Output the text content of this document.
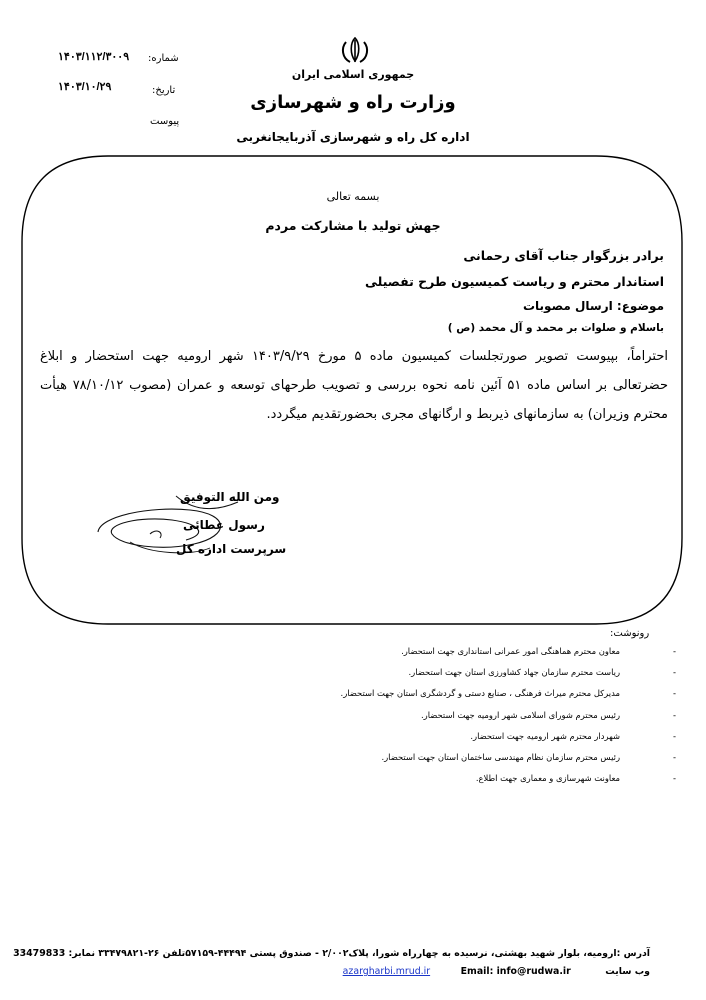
۱۴۰۳/۱۱۲/۳۰۰۹ شماره:
۱۴۰۳/۱۰/۲۹	تاریخ:
پیوست
جمهوری اسلامی ایران
وزارت راه و شهرسازی
اداره کل راه و شهرسازی آذربایجانغربی
بسمه تعالی
جهش تولید با مشارکت مردم
برادر بزرگوار جناب آقای رحمانی
استاندار محترم و ریاست کمیسیون طرح تفصیلی
موضوع: ارسال مصوبات
باسلام و صلوات بر محمد و آل محمد (ص )
احتراماً، بپیوست تصویر صورتجلسات کمیسیون ماده ۵ مورخ ۱۴۰۳/۹/۲۹ شهر ارومیه جهت استحضار و ابلاغ حضرتعالی بر اساس ماده ۵۱ آئین نامه نحوه بررسی و تصویب طرحهای توسعه و عمران (مصوب ۷۸/۱۰/۱۲ هیأت محترم وزیران) به سازمانهای ذیربط و ارگانهای مجری بحضورتقدیم میگردد.
ومن الله التوفیق
رسول عطائی
سرپرست اداره کل
رونوشت:
-
معاون محترم هماهنگی امور عمرانی استانداری جهت استحضار.
-
ریاست محترم سازمان جهاد کشاورزی استان جهت استحضار.
-
مدیرکل محترم میراث فرهنگی ، صنایع دستی و گردشگری استان جهت استحضار.
-
رئیس محترم شورای اسلامی شهر ارومیه جهت استحضار.
-
شهردار محترم شهر ارومیه جهت استحضار.
-
رئیس محترم سازمان نظام مهندسی ساختمان استان جهت استحضار.
-
معاونت شهرسازی و معماری جهت اطلاع.
آدرس :ارومیه، بلوار شهید بهشتی، نرسیده به چهارراه شورا، پلاک۲/۰۰۲ - صندوق پستی ۴۴۴۹۴-۵۷۱۵۹تلفن ۲۶-۳۳۴۷۹۸۲۱ نمابر: 33479833
وب سایت  azargharbi.mrud.ir	Email: info@rudwa.ir
